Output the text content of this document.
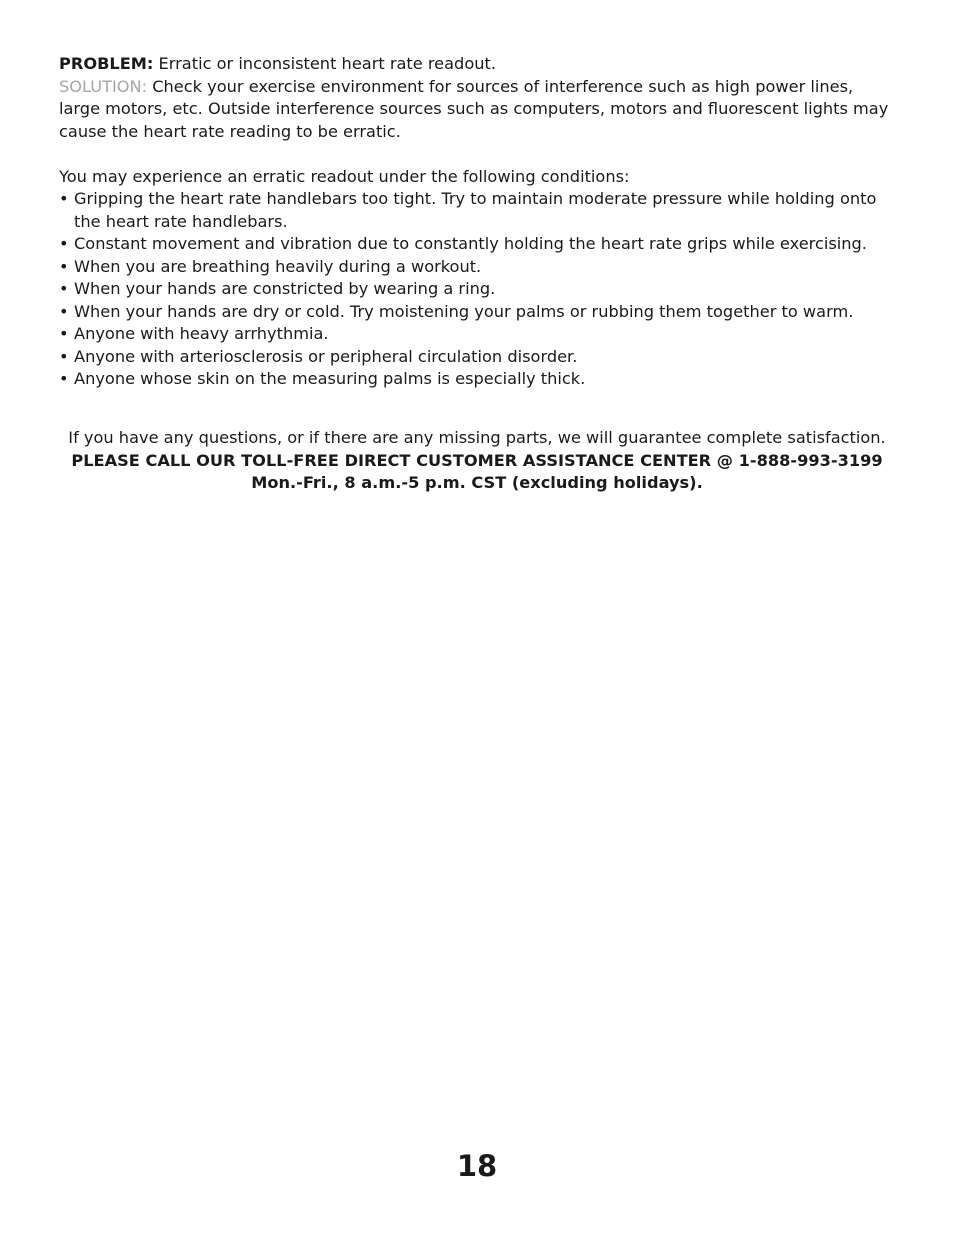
PROBLEM: Erratic or inconsistent heart rate readout.

SOLUTION: Check your exercise environment for sources of interference such as high power lines,
large motors, etc. Outside interference sources such as computers, motors and fluorescent lights may
cause the heart rate reading to be erratic.

You may experience an erratic readout under the following conditions:

• Gripping the heart rate handlebars too tight. Try to maintain moderate pressure while holding onto the heart rate handlebars.
• Constant movement and vibration due to constantly holding the heart rate grips while exercising.
• When you are breathing heavily during a workout.
• When your hands are constricted by wearing a ring.
• When your hands are dry or cold. Try moistening your palms or rubbing them together to warm.
• Anyone with heavy arrhythmia.
• Anyone with arteriosclerosis or peripheral circulation disorder.
• Anyone whose skin on the measuring palms is especially thick.
If you have any questions, or if there are any missing parts, we will guarantee complete satisfaction.
PLEASE CALL OUR TOLL-FREE DIRECT CUSTOMER ASSISTANCE CENTER @ 1-888-993-3199
Mon.-Fri., 8 a.m.-5 p.m. CST (excluding holidays).
18
